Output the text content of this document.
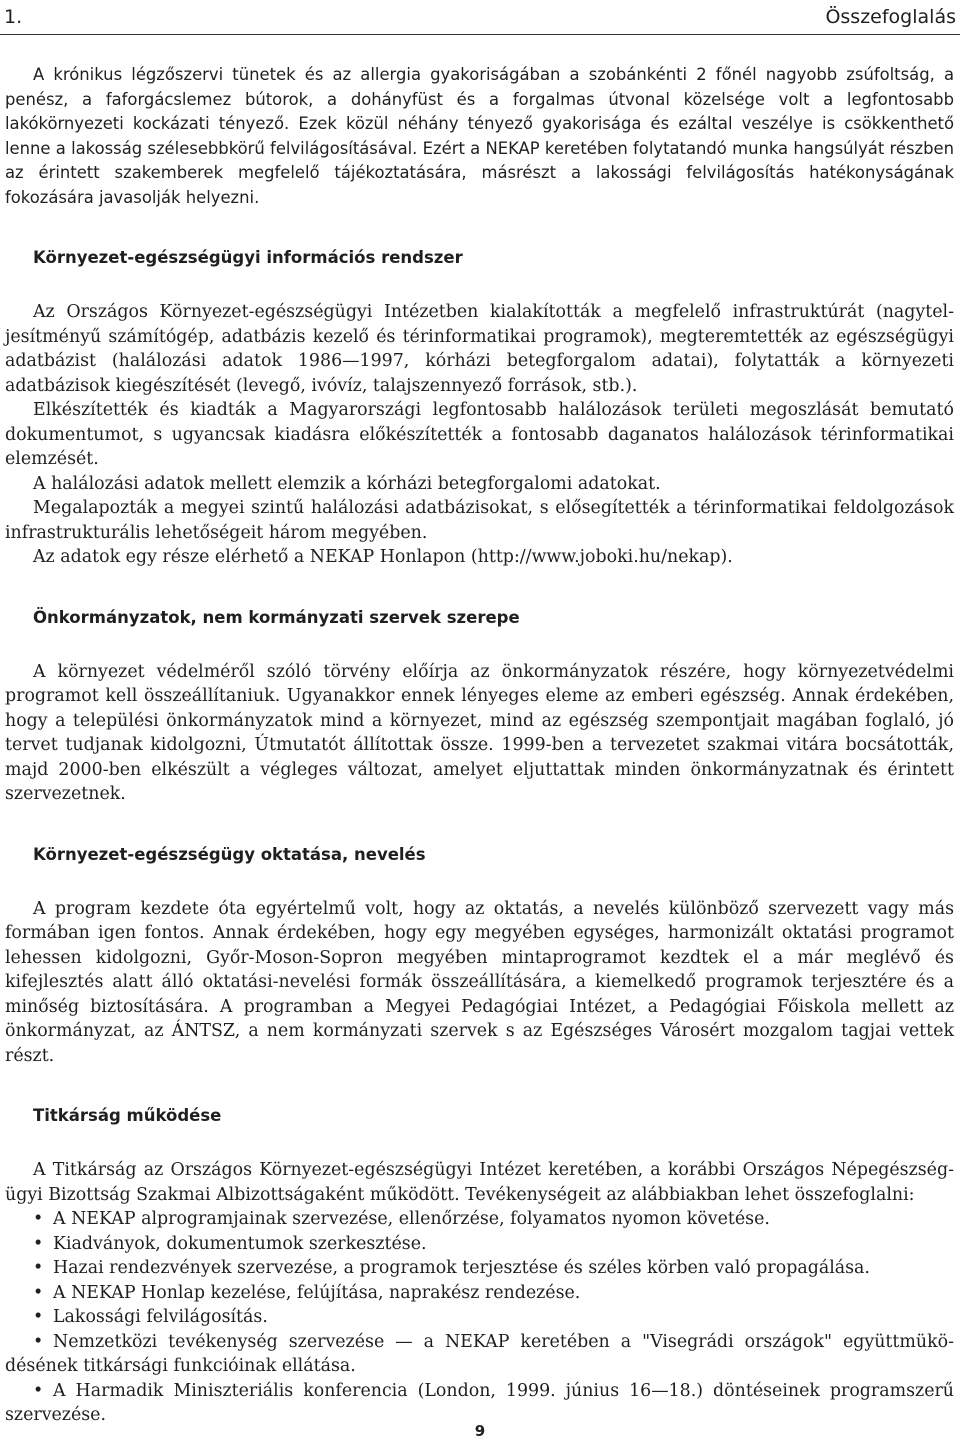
1.	Összefoglalás

A krónikus légzőszervi tünetek és az allergia gyakoriságában a szobánkénti 2 főnél nagyobb zsúfoltság, a penész, a faforgácslemez bútorok, a dohányfüst és a forgalmas útvonal közelsége volt a legfontosabb lakókörnyezeti kockázati tényező. Ezek közül néhány tényező gyakorisága és ezáltal veszélye is csökkenthető lenne a lakosság szélesebbkörű felvilágosításával. Ezért a NEKAP keretében folytatandó munka hangsúlyát részben az érintett szakemberek megfelelő tájékoztatására, másrészt a lakossági felvilágosítás hatékonyságának fokozására javasolják helyezni.

Környezet-egészségügyi információs rendszer

Az Országos Környezet-egészségügyi Intézetben kialakították a megfelelő infrastruktúrát (nagyteljesítményű számítógép, adatbázis kezelő és térinformatikai programok), megteremtették az egészségügyi adatbázist (halálozási adatok 1986—1997, kórházi betegforgalom adatai), folytatták a környezeti adatbázisok kiegészítését (levegő, ivóvíz, talajszennyező források, stb.).

Elkészítették és kiadták a Magyarországi legfontosabb halálozások területi megoszlását bemutató dokumentumot, s ugyancsak kiadásra előkészítették a fontosabb daganatos halálozások térinformatikai elemzését.

A halálozási adatok mellett elemzik a kórházi betegforgalomi adatokat.

Megalapozták a megyei szintű halálozási adatbázisokat, s elősegítették a térinformatikai feldolgozások infrastrukturális lehetőségeit három megyében.

Az adatok egy része elérhető a NEKAP Honlapon (http://www.joboki.hu/nekap).

Önkormányzatok, nem kormányzati szervek szerepe

A környezet védelméről szóló törvény előírja az önkormányzatok részére, hogy környezetvédelmi programot kell összeállítaniuk. Ugyanakkor ennek lényeges eleme az emberi egészség. Annak érdekében, hogy a települési önkormányzatok mind a környezet, mind az egészség szempontjait magában foglaló, jó tervet tudjanak kidolgozni, Útmutatót állítottak össze. 1999-ben a tervezetet szakmai vitára bocsátották, majd 2000-ben elkészült a végleges változat, amelyet eljuttattak minden önkormányzatnak és érintett szervezetnek.

Környezet-egészségügy oktatása, nevelés

A program kezdete óta egyértelmű volt, hogy az oktatás, a nevelés különböző szervezett vagy más formában igen fontos. Annak érdekében, hogy egy megyében egységes, harmonizált oktatási programot lehessen kidolgozni, Győr-Moson-Sopron megyében mintaprogramot kezdtek el a már meglévő és kifejlesztés alatt álló oktatási-nevelési formák összeállítására, a kiemelkedő programok terjesztére és a minőség biztosítására. A programban a Megyei Pedagógiai Intézet, a Pedagógiai Főiskola mellett az önkormányzat, az ÁNTSZ, a nem kormányzati szervek s az Egészséges Városért mozgalom tagjai vettek részt.

Titkárság működése

A Titkárság az Országos Környezet-egészségügyi Intézet keretében, a korábbi Országos Népegészségügyi Bizottság Szakmai Albizottságaként működött. Tevékenységeit az alábbiakban lehet összefoglalni:

• A NEKAP alprogramjainak szervezése, ellenőrzése, folyamatos nyomon követése.
• Kiadványok, dokumentumok szerkesztése.
• Hazai rendezvények szervezése, a programok terjesztése és széles körben való propagálása.
• A NEKAP Honlap kezelése, felújítása, naprakész rendezése.
• Lakossági felvilágosítás.
• Nemzetközi tevékenység szervezése — a NEKAP keretében a "Visegrádi országok" együttmüködésének titkársági funkcióinak ellátása.
• A Harmadik Miniszteriális konferencia (London, 1999. június 16—18.) döntéseinek programszerű szervezése.
9
